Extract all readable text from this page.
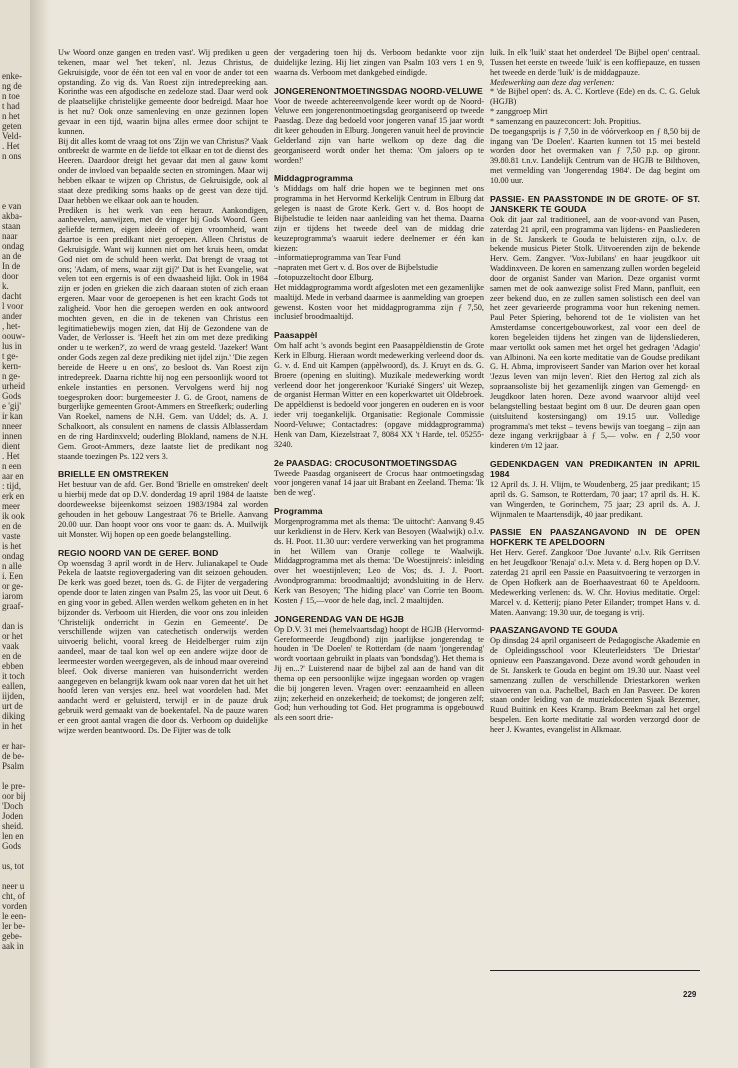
enke-
ng de
n toe
t had
n het
geten
Veld-
. Het
n ons
e van
akba-
staan
naar
ondag
an de
In de
door
k.
dacht
l voor
ander
, het-
oouw-
lus in
t ge-
kern-
n ge-
urheid
Gods
e 'gij'
ir kan
nneer
innen
dient
. Het
n een
aar en
: tijd,
erk en
meer
ik ook
en de
vaste
is het
ondag
n alle
i. Een
or ge-
iarom
graaf-
dan is
or het
vaak
en de
ebben
it toch
eallen,
iijden,
urt de
diking
in het
er har-
de be-
Psalm
le pre-
oor bij
'Doch
Joden
sheid.
len en
Gods
us, tot
neer u
cht, of
vorden
le een-
ler be-
gebe-
aak in

Uw Woord onze gangen en treden vast'. Wij prediken u geen tekenen, maar wel 'het teken', nl. Jezus Christus, de Gekruisigde, voor de één tot een val en voor de ander tot een opstanding. Zo vig ds. Van Roest zijn intredepreeking aan. Korinthe was een afgodische en zedeloze stad. Daar werd ook de plaatselijke christelijke gemeente door bedreigd. Maar hoe is het nu? Ook onze samenleving en onze gezinnen lopen gevaar in een tijd, waarin bijna alles ermee door schijnt te kunnen.

Bij dit alles komt de vraag tot ons 'Zijn we van Christus?' Vaak ontbreekt de warmte en de liefde tot elkaar en tot de dienst des Heeren. Daardoor dreigt het gevaar dat men al gauw komt onder de invloed van bepaalde secten en stromingen. Maar wij hebben elkaar te wijzen op Christus, de Gekruisigde, ook al staat deze prediking soms haaks op de geest van deze tijd. Daar hebben we elkaar ook aan te houden.

Prediken is het werk van een herauт. Aankondigen, aanbevelen, aanwijzen, met de vinger bij Gods Woord. Geen geliefde termen, eigen ideeën of eigen vroomheid, want daartoe is een predikant niet geroepen. Alleen Christus de Gekruisigde. Want wij kunnen niet om het kruis heen, omdat God niet om de schuld heen werkt. Dat brengt de vraag tot ons; 'Adam, of mens, waar zijt gij?' Dat is het Evangelie, wat velen tot een ergernis is of een dwaasheid lijkt. Ook in 1984 zijn er joden en grieken die zich daaraan stoten of zich eraan ergeren. Maar voor de geroepenen is het een kracht Gods tot zaligheid. Voor hen die geroepen werden en ook antwoord mochten geven, en die in de tekenen van Christus een legitimatiebewijs mogen zien, dat Hij de Gezondene van de Vader, de Verlosser is. 'Heeft het zin om met deze prediking onder u te werken?', zo werd de vraag gesteld. 'Jazeker! Want onder Gods zegen zal deze prediking niet ijdel zijn.' 'Die zegen bereide de Heere u en ons', zo besloot ds. Van Roest zijn intredepreek. Daarna richtte hij nog een persoonlijk woord tot enkele instanties en personen. Vervolgens werd hij nog toegesproken door: burgemeester J. G. de Groot, namens de burgerlijke gemeenten Groot-Ammers en Streefkerk; ouderling Van Roekel, namens de N.H. Gem. van Uddel; ds. A. J. Schalkoort, als consulent en namens de classis Alblasserdam en de ring Hardinxveld; ouderling Blokland, namens de N.H. Gem. Groot-Ammers, deze laatste liet de predikant nog staande toezingen Ps. 122 vers 3.

BRIELLE EN OMSTREKEN

Het bestuur van de afd. Ger. Bond 'Brielle en omstreken' deelt u hierbij mede dat op D.V. donderdag 19 april 1984 de laatste doordeweekse bijeenkomst seizoen 1983/1984 zal worden gehouden in het gebouw Langestraat 76 te Brielle. Aanvang 20.00 uur. Dan hoopt voor ons voor te gaan: ds. A. Muilwijk uit Monster. Wij hopen op een goede belangstelling.

REGIO NOORD VAN DE GEREF. BOND

Op woensdag 3 april wordt in de Herv. Julianakapel te Oude Pekela de laatste regiovergadering van dit seizoen gehouden. De kerk was goed bezet, toen ds. G. de Fijter de vergadering opende door te laten zingen van Psalm 25, las voor uit Deut. 6 en ging voor in gebed. Allen werden welkom geheten en in het bijzonder ds. Verboom uit Hierden, die voor ons zou inleiden 'Christelijk onderricht in Gezin en Gemeente'. De verschillende wijzen van catechetisch onderwijs werden uitvoerig belicht, vooral kreeg de Heidelberger ruim zijn aandeel, maar de taal kon wel op een andere wijze door de leermeester worden weergegeven, als de inhoud maar overeind bleef. Ook diverse manieren van huisonderricht werden aangegeven en belangrijk kwam ook naar voren dat het uit het hoofd leren van versjes enz. heel wat voordelen had. Met aandacht werd er geluisterd, terwijl er in de pauze druk gebruik werd gemaakt van de boekentafel. Na de pauze waren er een groot aantal vragen die door ds. Verboom op duidelijke wijze werden beantwoord. Ds. De Fijter was de tolk

der vergadering toen hij ds. Verboom bedankte voor zijn duidelijke lezing. Hij liet zingen van Psalm 103 vers 1 en 9, waarna ds. Verboom met dankgebed eindigde.

JONGERENONTMOETINGSDAG NOORD-VELUWE

Voor de tweede achtereenvolgende keer wordt op de Noord-Veluwe een jongerenontmoetingsdag georganiseerd op tweede Paasdag. Deze dag bedoeld voor jongeren vanaf 15 jaar wordt dit keer gehouden in Elburg. Jongeren vanuit heel de provincie Gelderland zijn van harte welkom op deze dag die georganiseerd wordt onder het thema: 'Om jaloers op te worden!'

Middagprogramma

's Middags om half drie hopen we te beginnen met ons programma in het Hervormd Kerkelijk Centrum in Elburg dat gelegen is naast de Grote Kerk. Gert v. d. Bos hoopt de Bijbelstudie te leiden naar aanleiding van het thema. Daarna zijn er tijdens het tweede deel van de middag drie keuzeprogramma's waaruit iedere deelnemer er één kan kiezen:

–informatieprogramma van Tear Fund

–napraten met Gert v. d. Bos over de Bijbelstudie

–fotopuzzeltocht door Elburg.

Het middagprogramma wordt afgesloten met een gezamenlijke maaltijd. Mede in verband daarmee is aanmelding van groepen gewenst. Kosten voor het middagprogramma zijn ƒ 7,50, inclusief broodmaaltijd.

Paasappèl

Om half acht 's avonds begint een Paasappèldienstin de Grote Kerk in Elburg. Hieraan wordt medewerking verleend door ds. G. v. d. End uit Kampen (appèlwoord), ds. J. Kruyt en ds. G. Broere (opening en sluiting). Muzikale medewerking wordt verleend door het jongerenkoor 'Kuriaké Singers' uit Wezep, de organist Herman Witter en een koperkwartet uit Oldebroek. De appèldienst is bedoeld voor jongeren en ouderen en is voor ieder vrij toegankelijk. Organisatie: Regionale Commissie Noord-Veluwe; Contactadres: (opgave middagprogramma) Henk van Dam, Kiezelstraat 7, 8084 XX 't Harde, tel. 05255-3240.

2e PAASDAG: CROCUSONTMOETINGSDAG

Tweede Paasdag organiseert de Crocus haar ontmoetingsdag voor jongeren vanaf 14 jaar uit Brabant en Zeeland. Thema: 'Ik ben de weg'.

Programma

Morgenprogramma met als thema: 'De uittocht': Aanvang 9.45 uur kerkdienst in de Herv. Kerk van Besoyen (Waalwijk) o.l.v. ds. H. Poot. 11.30 uur: verdere verwerking van het programma in het Willem van Oranje college te Waalwijk. Middagprogramma met als thema: 'De Woestijnreis': inleiding over het woestijnleven; Leo de Vos; ds. J. J. Poort. Avondprogramma: broodmaaltijd; avondsluiting in de Herv. Kerk van Besoyen; 'The hiding place' van Corrie ten Boom. Kosten ƒ 15,—voor de hele dag, incl. 2 maaltijden.

JONGERENDAG VAN DE HGJB

Op D.V. 31 mei (hemelvaartsdag) hoopt de HGJB (Hervormd-Gereformeerde Jeugdbond) zijn jaarlijkse jongerendag te houden in 'De Doelen' te Rotterdam (de naam 'jongerendag' wordt voortaan gebruikt in plaats van 'bondsdag'). Het thema is Jij en...?' Luisterend naar de bijbel zal aan de hand van dit thema op een persoonlijke wijze ingegaan worden op vragen die bij jongeren leven. Vragen over: eenzaamheid en alleen zijn; zekerheid en onzekerheid; de toekomst; de jongeren zelf; God; hun verhouding tot God. Het programma is opgebouwd als een soort drie-

luik. In elk 'luik' staat het onderdeel 'De Bijbel open' centraal. Tussen het eerste en tweede 'luik' is een koffiepauze, en tussen het tweede en derde 'luik' is de middagpauze.

Medewerking aan deze dag verlenen:

* 'de Bijbel open': ds. A. C. Kortleve (Ede) en ds. C. G. Geluk (HGJB)

* zanggroep Mirt

* samenzang en pauzeconcert: Joh. Propitius.

De toegangsprijs is ƒ 7,50 in de vóórverkoop en ƒ 8,50 bij de ingang van 'De Doelen'. Kaarten kunnen tot 15 mei besteld worden door het overmaken van ƒ 7,50 p.p. op gironr. 39.80.81 t.n.v. Landelijk Centrum van de HGJB te Bilthoven, met vermelding van 'Jongerendag 1984'. De dag begint om 10.00 uur.

PASSIE- EN PAASSTONDE IN DE GROTE- OF ST. JANSKERK TE GOUDA

Ook dit jaar zal traditioneel, aan de voor-avond van Pasen, zaterdag 21 april, een programma van lijdens- en Paasliederen in de St. Janskerk te Gouda te beluisteren zijn, o.l.v. de bekende musicus Pieter Stolk. Uitvoerenden zijn de bekende Herv. Gem. Zangver. 'Vox-Jubilans' en haar jeugdkoor uit Waddinxveen. De koren en samenzang zullen worden begeleid door de organist Sander van Marion. Deze organist vormt samen met de ook aanwezige solist Fred Mann, panfluit, een zeer bekend duo, en ze zullen samen solistisch een deel van het zeer gevarieerde programma voor hun rekening nemen. Paul Peter Spiering, behorend tot de 1e violisten van het Amsterdamse concertgebouworkest, zal voor een deel de koren begeleiden tijdens het zingen van de lijdensliederen, maar vertolkt ook samen met het orgel het gedragen 'Adagio' van Albinoni. Na een korte meditatie van de Goudse predikant G. H. Abma, improviseert Sander van Marion over het koraal 'Jezus leven van mijn leven'. Riet den Hertog zal zich als sopraansoliste bij het gezamenlijk zingen van Gemengd- en Jeugdkoor laten horen. Deze avond waarvoor altijd veel belangstelling bestaat begint om 8 uur. De deuren gaan open (uitsluitend kostersingang) om 19.15 uur. Volledige programma's met tekst – tevens bewijs van toegang – zijn aan deze ingang verkrijgbaar à ƒ 5,— volw. en ƒ 2,50 voor kinderen t/m 12 jaar.

GEDENKDAGEN VAN PREDIKANTEN IN APRIL 1984

12 April ds. J. H. Vlijm, te Woudenberg, 25 jaar predikant; 15 april ds. G. Samson, te Rotterdam, 70 jaar; 17 april ds. H. K. van Wingerden, te Gorinchem, 75 jaar; 23 april ds. A. J. Wijnmalen te Maartensdijk, 40 jaar predikant.

PASSIE EN PAASZANGAVOND IN DE OPEN HOFKERK TE APELDOORN

Het Herv. Geref. Zangkoor 'Doe Juvante' o.l.v. Rik Gerritsen en het Jeugdkoor 'Renaja' o.l.v. Meta v. d. Berg hopen op D.V. zaterdag 21 april een Passie en Paasuitvoering te verzorgen in de Open Hofkerk aan de Boerhaavestraat 60 te Apeldoorn. Medewerking verlenen: ds. W. Chr. Hovius meditatie. Orgel: Marcel v. d. Ketterij; piano Peter Eilander; trompet Hans v. d. Maten. Aanvang: 19.30 uur, de toegang is vrij.

PAASZANGAVOND TE GOUDA

Op dinsdag 24 april organiseert de Pedagogische Akademie en de Opleidingsschool voor Kleuterleidsters 'De Driestar' opnieuw een Paaszangavond. Deze avond wordt gehouden in de St. Janskerk te Gouda en begint om 19.30 uur. Naast veel samenzang zullen de verschillende Driestarkoren werken uitvoeren van o.a. Pachelbel, Bach en Jan Pasveer. De koren staan onder leiding van de muziekdocenten Sjaak Bezemer, Ruud Buitink en Kees Kramp. Bram Beekman zal het orgel bespelen. Een korte meditatie zal worden verzorgd door de heer J. Kwantes, evangelist in Alkmaar.

229
